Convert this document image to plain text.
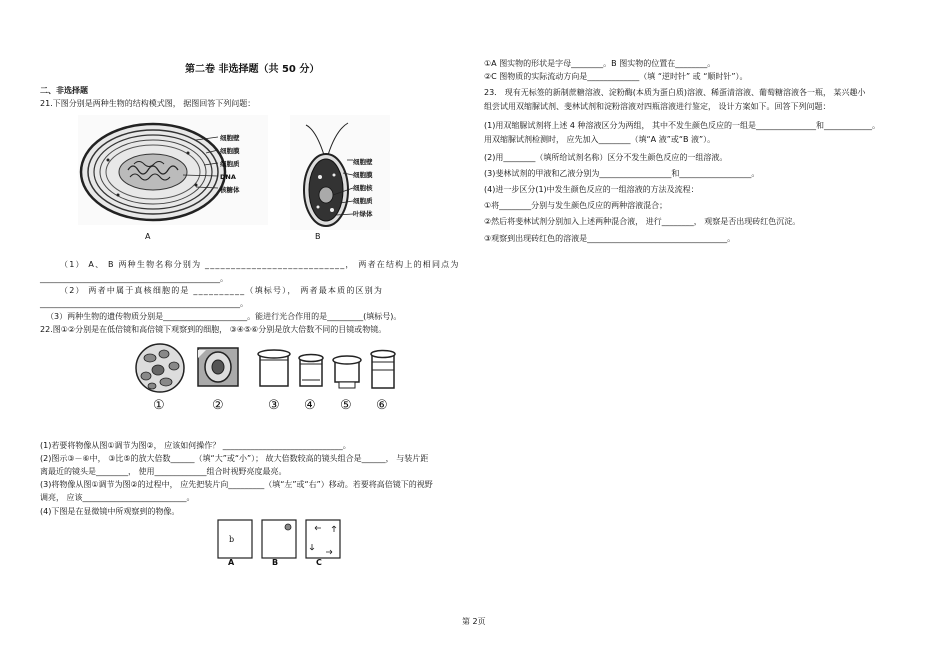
第二卷 非选择题（共 50 分）
二、非选择题
21.下图分别是两种生物的结构模式图， 据图回答下列问题：
细胞壁
细胞膜
细胞质
DNA
核糖体
A
细胞壁
细胞膜
细胞核
细胞质
叶绿体
B
（1） A、 B 两种生物名称分别为 ___________________________， 两者在结构上的相同点为
_____________________________________________。
（2） 两者中属于真核细胞的是 __________（填标号）， 两者最本质的区别为
__________________________________________________。
（3）两种生物的遗传物质分别是_____________________。能进行光合作用的是_________(填标号)。
22.图①②分别是在低倍镜和高倍镜下观察到的细胞， ③④⑤⑥分别是放大倍数不同的目镜或物镜。
①	②	③ ④ ⑤ ⑥
(1)若要将物像从图①调节为图②， 应该如何操作？ ______________________________。
(2)图示③－⑥中， ③比⑤的放大倍数______（填“大”或“小”）； 故大倍数较高的镜头组合是______， 与装片距
离最近的镜头是________， 使用_____________组合时视野亮度最亮。
(3)将物像从图①调节为图②的过程中， 应先把装片向_________（填“左”或“右”）移动。若要将高倍镜下的视野
调亮， 应该__________________________。
(4)下图是在显微镜中所观察到的物像。
b
A	B	C
①A 图实物的形状是字母________。B 图实物的位置在________。
②C 图物质的实际流动方向是_____________（填 “逆时针” 或 “顺时针”）。
23． 现有无标签的新制蔗糖溶液、淀粉酶(本质为蛋白质)溶液、稀蛋清溶液、葡萄糖溶液各一瓶， 某兴趣小
组尝试用双缩脲试剂、斐林试剂和淀粉溶液对四瓶溶液进行鉴定， 设计方案如下。回答下列问题：
(1)用双缩脲试剂将上述 4 种溶液区分为两组， 其中不发生颜色反应的一组是_______________和____________。
用双缩脲试剂检测时， 应先加入________（填“A 液”或“B 液”）。
(2)用________（填所给试剂名称）区分不发生颜色反应的一组溶液。
(3)斐林试剂的甲液和乙液分别为__________________和__________________。
(4)进一步区分(1)中发生颜色反应的一组溶液的方法及流程：
①将________分别与发生颜色反应的两种溶液混合；
②然后将斐林试剂分别加入上述两种混合液， 进行________， 观察是否出现砖红色沉淀。
③观察到出现砖红色的溶液是___________________________________。
第 2页
